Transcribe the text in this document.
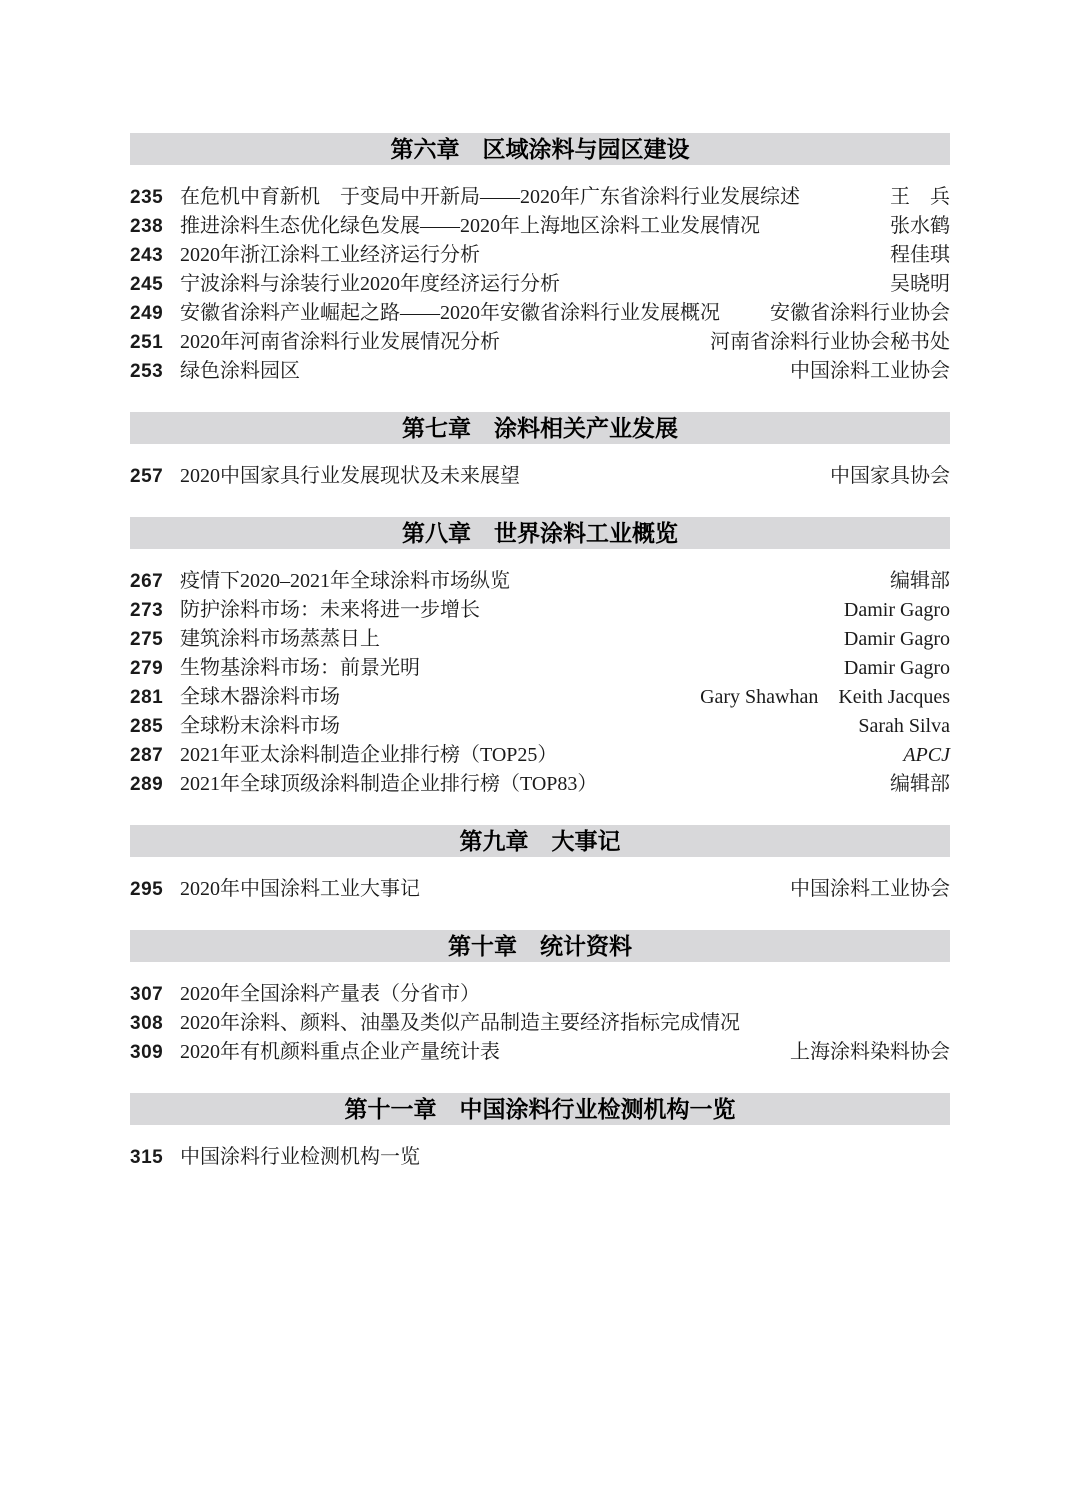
第六章　区域涂料与园区建设
235 在危机中育新机　于变局中开新局——2020年广东省涂料行业发展综述	王　兵
238 推进涂料生态优化绿色发展——2020年上海地区涂料工业发展情况	张水鹤
243 2020年浙江涂料工业经济运行分析	程佳琪
245 宁波涂料与涂装行业2020年度经济运行分析	吴晓明
249 安徽省涂料产业崛起之路——2020年安徽省涂料行业发展概况	安徽省涂料行业协会
251 2020年河南省涂料行业发展情况分析	河南省涂料行业协会秘书处
253 绿色涂料园区	中国涂料工业协会
第七章　涂料相关产业发展
257 2020中国家具行业发展现状及未来展望	中国家具协会
第八章　世界涂料工业概览
267 疫情下2020–2021年全球涂料市场纵览	编辑部
273 防护涂料市场：未来将进一步增长	Damir Gagro
275 建筑涂料市场蒸蒸日上	Damir Gagro
279 生物基涂料市场：前景光明	Damir Gagro
281 全球木器涂料市场	Gary Shawhan　Keith Jacques
285 全球粉末涂料市场	Sarah Silva
287 2021年亚太涂料制造企业排行榜（TOP25）	APCJ
289 2021年全球顶级涂料制造企业排行榜（TOP83）	编辑部
第九章　大事记
295 2020年中国涂料工业大事记	中国涂料工业协会
第十章　统计资料
307 2020年全国涂料产量表（分省市）
308 2020年涂料、颜料、油墨及类似产品制造主要经济指标完成情况
309 2020年有机颜料重点企业产量统计表	上海涂料染料协会
第十一章　中国涂料行业检测机构一览
315 中国涂料行业检测机构一览
